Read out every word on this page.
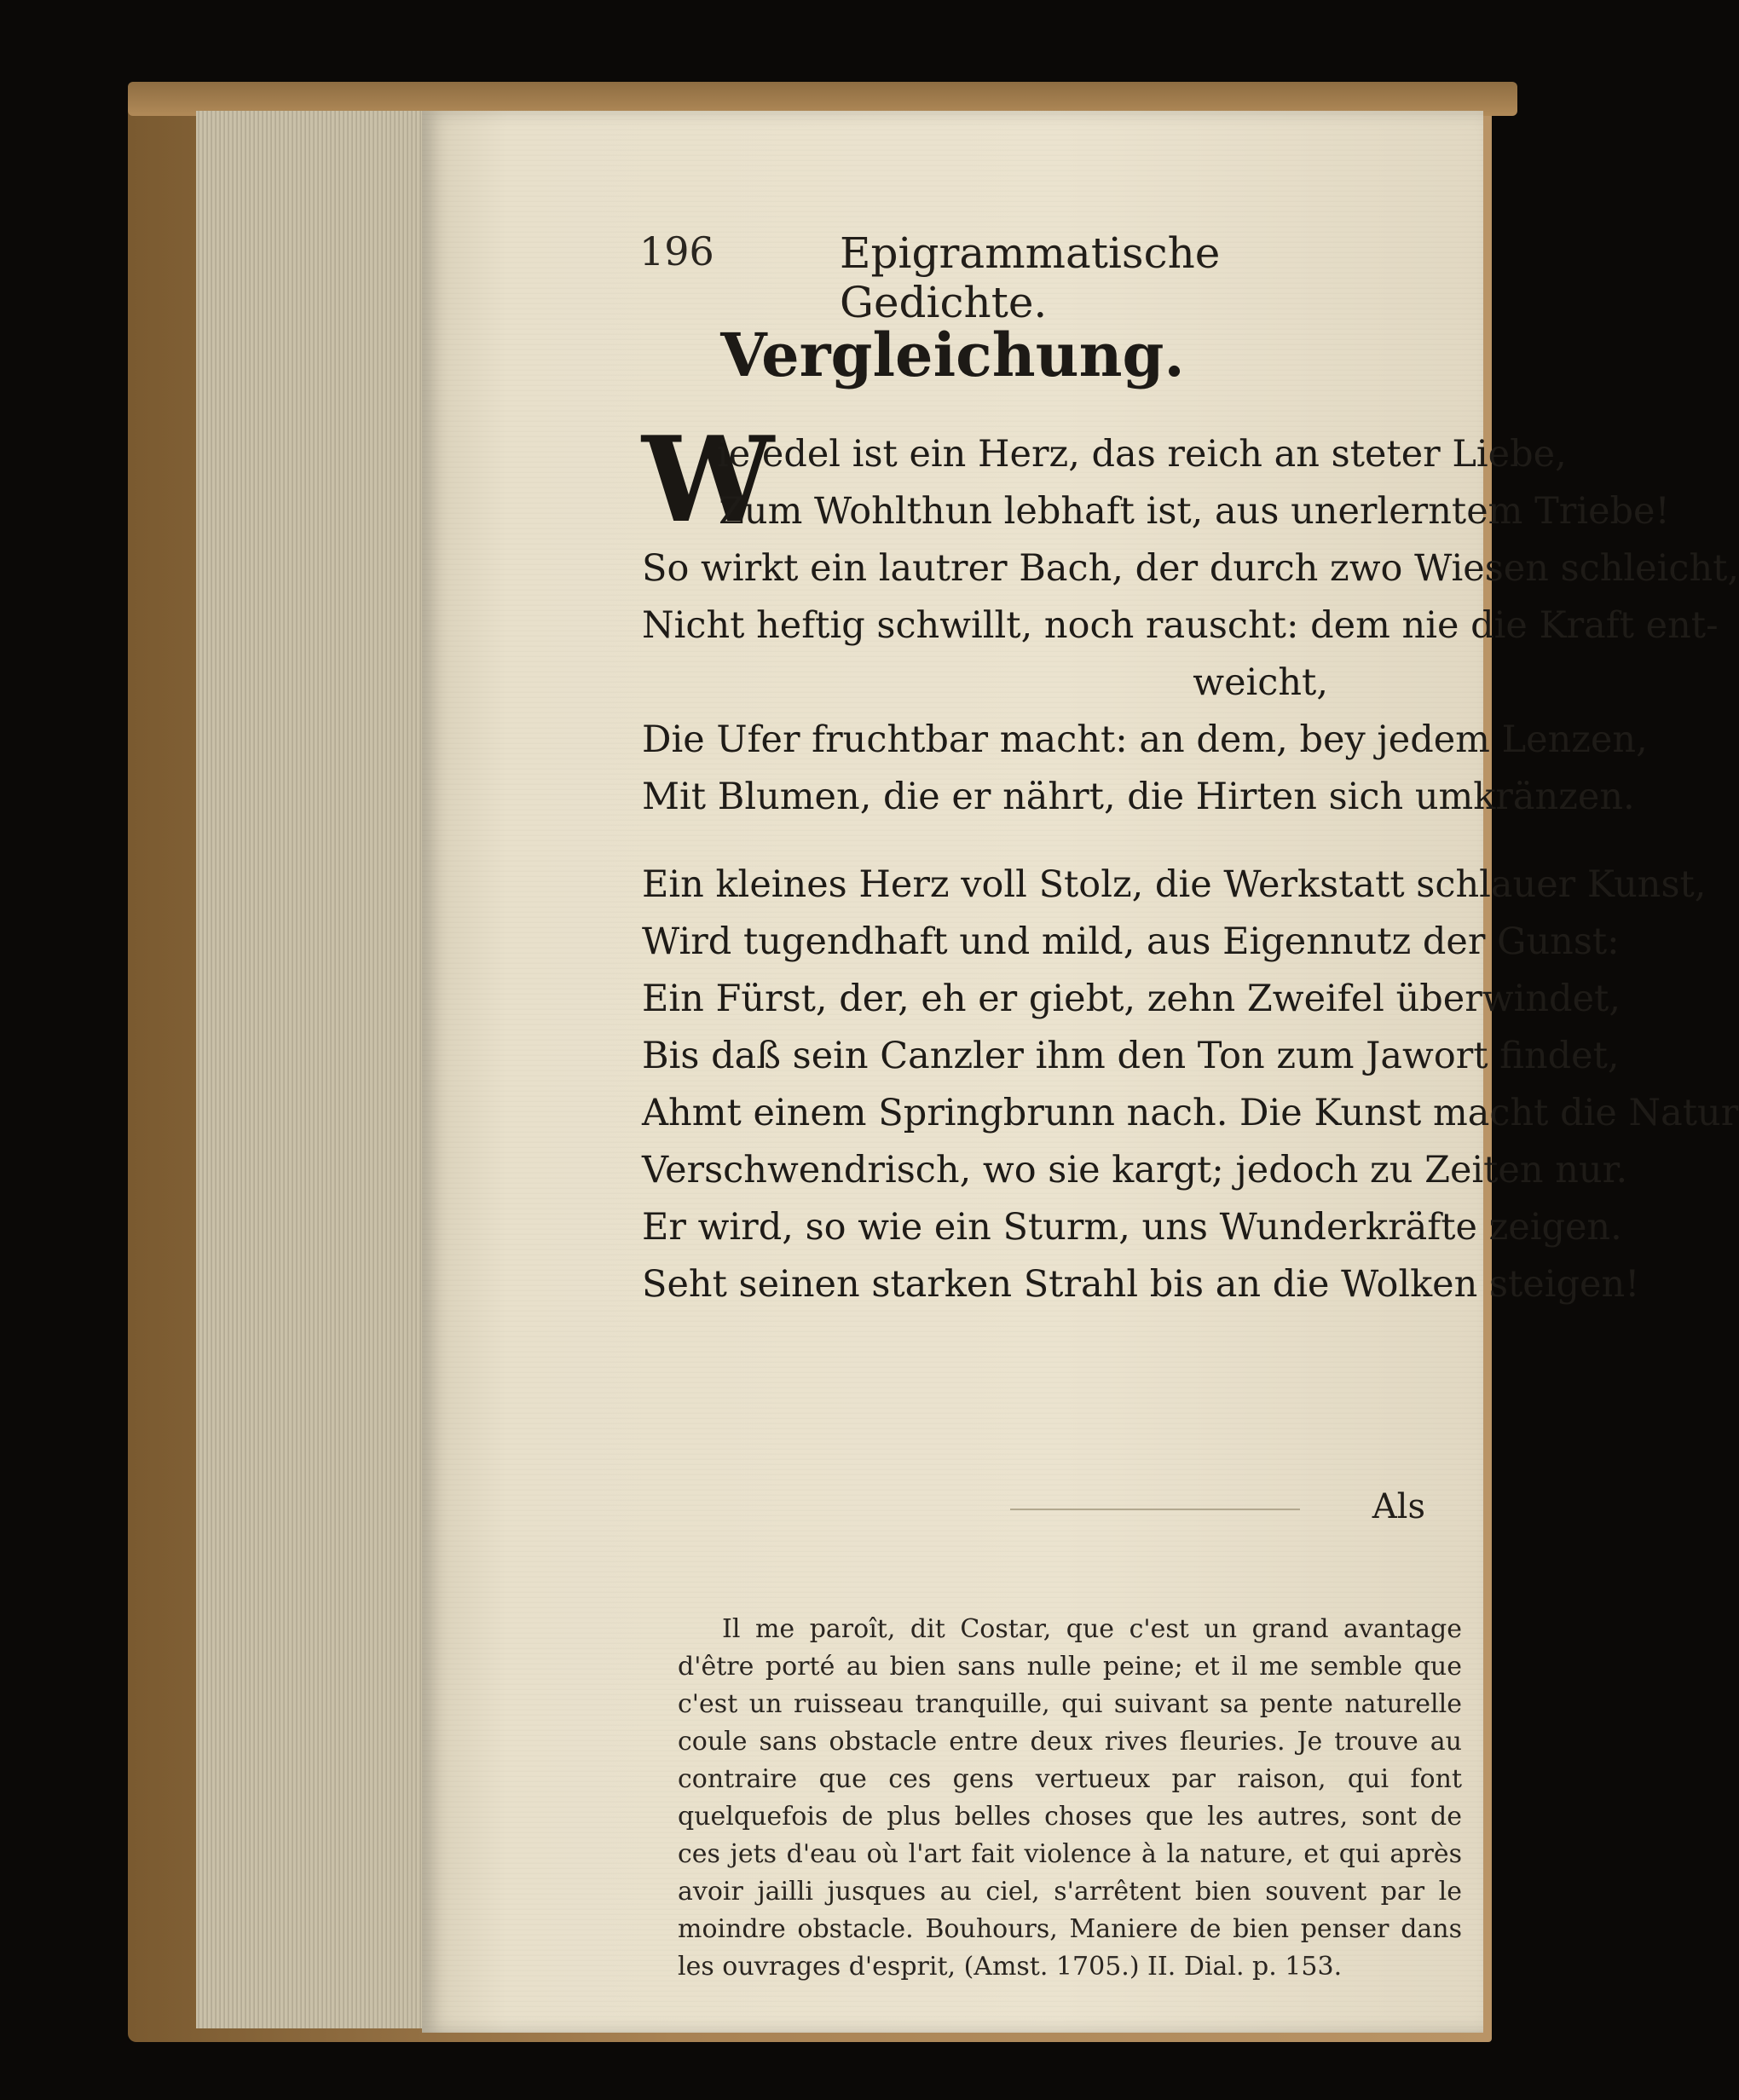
196	Epigrammatische Gedichte.
Vergleichung.
W
ie edel ist ein Herz, das reich an steter Liebe,
Zum Wohlthun lebhaft ist, aus unerlerntem Triebe!
So wirkt ein lautrer Bach, der durch zwo Wiesen schleicht,
Nicht heftig schwillt, noch rauscht: dem nie die Kraft ent-
weicht,
Die Ufer fruchtbar macht: an dem, bey jedem Lenzen,
Mit Blumen, die er nährt, die Hirten sich umkränzen.
Ein kleines Herz voll Stolz, die Werkstatt schlauer Kunst,
Wird tugendhaft und mild, aus Eigennutz der Gunst:
Ein Fürst, der, eh er giebt, zehn Zweifel überwindet,
Bis daß sein Canzler ihm den Ton zum Jawort findet,
Ahmt einem Springbrunn nach. Die Kunst macht die Natur
Verschwendrisch, wo sie kargt; jedoch zu Zeiten nur.
Er wird, so wie ein Sturm, uns Wunderkräfte zeigen.
Seht seinen starken Strahl bis an die Wolken steigen!
Als
Il me paroît, dit Costar, que c'est un grand avantage d'être porté au bien sans nulle peine; et il me semble que c'est un ruisseau tranquille, qui suivant sa pente naturelle coule sans obstacle entre deux rives fleuries. Je trouve au contraire que ces gens vertueux par raison, qui font quelquefois de plus belles choses que les autres, sont de ces jets d'eau où l'art fait violence à la nature, et qui après avoir jailli jusques au ciel, s'arrêtent bien souvent par le moindre obstacle. Bouhours, Maniere de bien penser dans les ouvrages d'esprit, (Amst. 1705.) II. Dial. p. 153.
